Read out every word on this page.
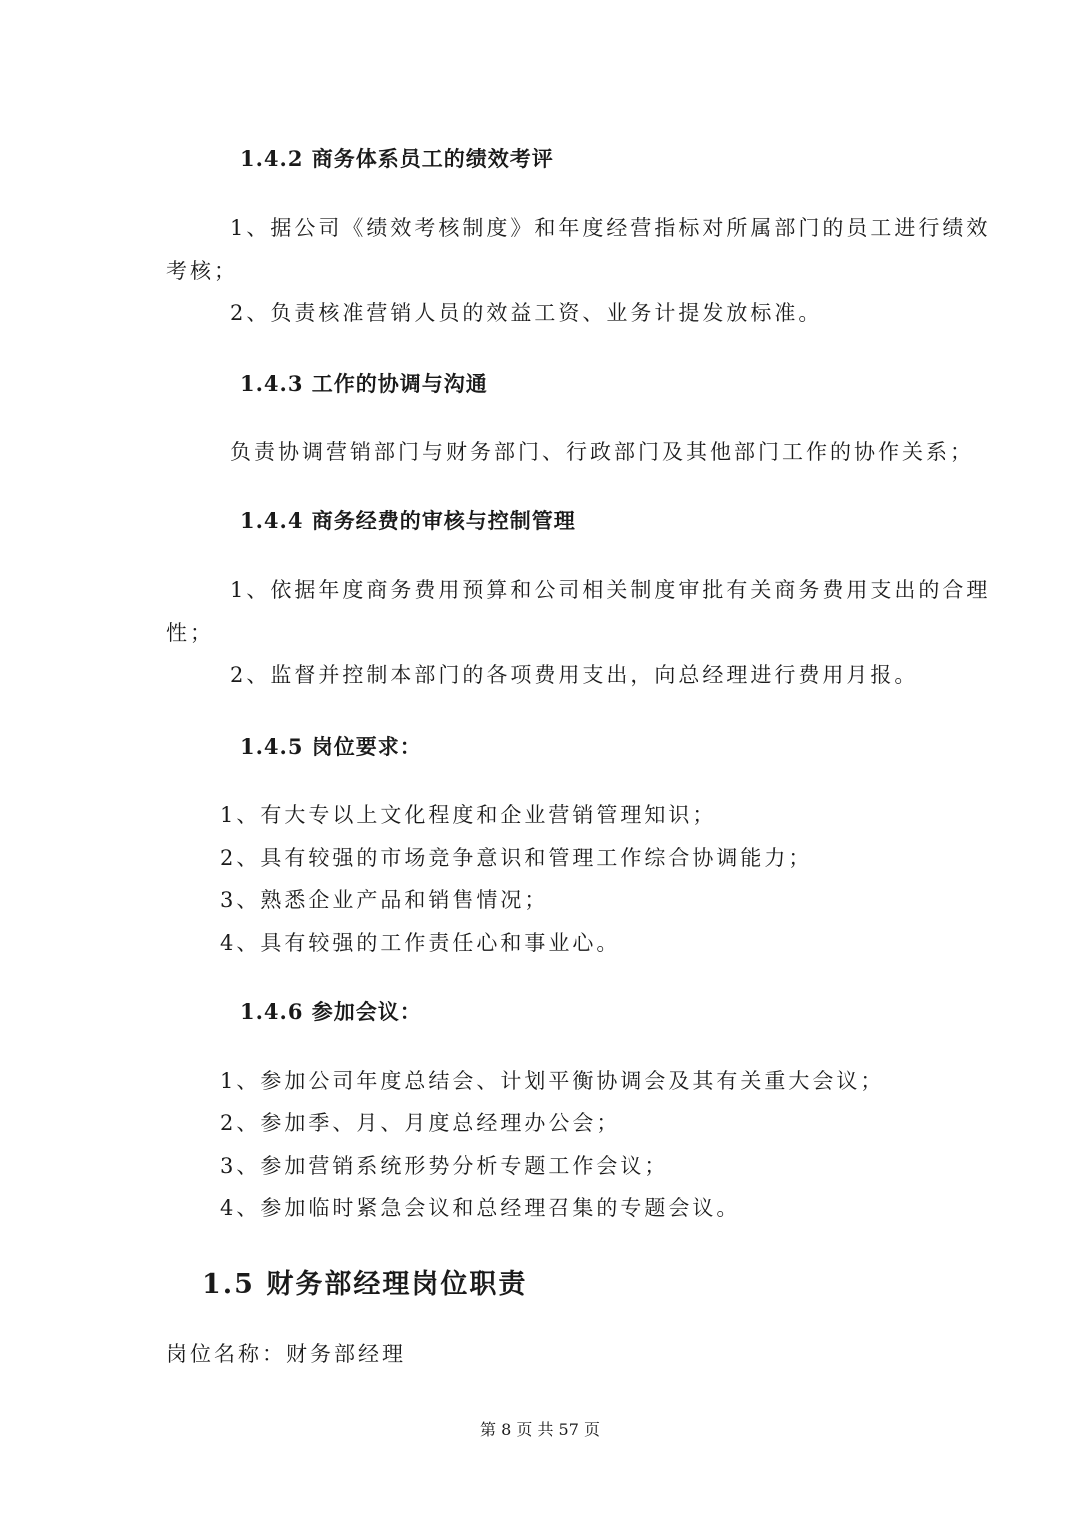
1.4.2 商务体系员工的绩效考评
1、据公司《绩效考核制度》和年度经营指标对所属部门的员工进行绩效
考核；
2、负责核准营销人员的效益工资、业务计提发放标准。
1.4.3 工作的协调与沟通
负责协调营销部门与财务部门、行政部门及其他部门工作的协作关系；
1.4.4 商务经费的审核与控制管理
1、依据年度商务费用预算和公司相关制度审批有关商务费用支出的合理
性；
2、监督并控制本部门的各项费用支出，向总经理进行费用月报。
1.4.5 岗位要求：
1、有大专以上文化程度和企业营销管理知识；
2、具有较强的市场竞争意识和管理工作综合协调能力；
3、熟悉企业产品和销售情况；
4、具有较强的工作责任心和事业心。
1.4.6 参加会议：
1、参加公司年度总结会、计划平衡协调会及其有关重大会议；
2、参加季、月、月度总经理办公会；
3、参加营销系统形势分析专题工作会议；
4、参加临时紧急会议和总经理召集的专题会议。
1.5 财务部经理岗位职责
岗位名称：财务部经理
第 8 页 共 57 页
